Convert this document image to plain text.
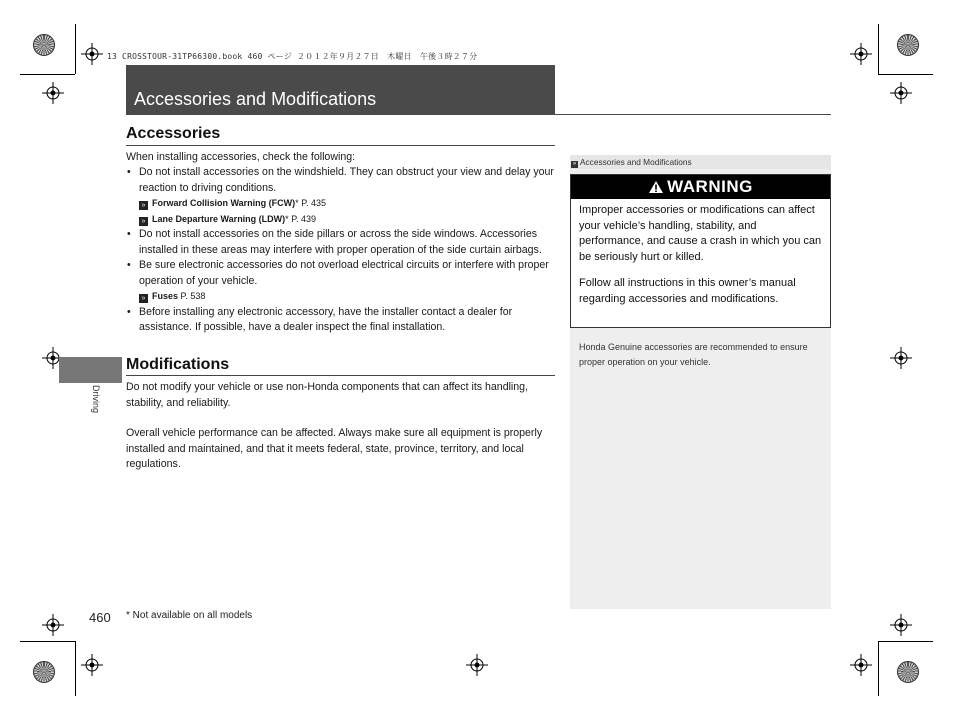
13 CROSSTOUR-31TP66300.book 460 ページ ２０１２年９月２７日　木曜日　午後３時２７分
Accessories and Modifications
Driving
Accessories

When installing accessories, check the following:

• Do not install accessories on the windshield. They can obstruct your view and delay your reaction to driving conditions.
» Forward Collision Warning (FCW)* P. 435
» Lane Departure Warning (LDW)* P. 439
• Do not install accessories on the side pillars or across the side windows. Accessories installed in these areas may interfere with proper operation of the side curtain airbags.
• Be sure electronic accessories do not overload electrical circuits or interfere with proper operation of your vehicle.
» Fuses P. 538
• Before installing any electronic accessory, have the installer contact a dealer for assistance. If possible, have a dealer inspect the final installation.
Modifications

Do not modify your vehicle or use non-Honda components that can affect its handling, stability, and reliability.

Overall vehicle performance can be affected. Always make sure all equipment is properly installed and maintained, and that it meets federal, state, province, territory, and local regulations.

» Accessories and Modifications
WARNING

Improper accessories or modifications can affect your vehicle’s handling, stability, and performance, and cause a crash in which you can be seriously hurt or killed.

Follow all instructions in this owner’s manual regarding accessories and modifications.

Honda Genuine accessories are recommended to ensure proper operation on your vehicle.
460 * Not available on all models
